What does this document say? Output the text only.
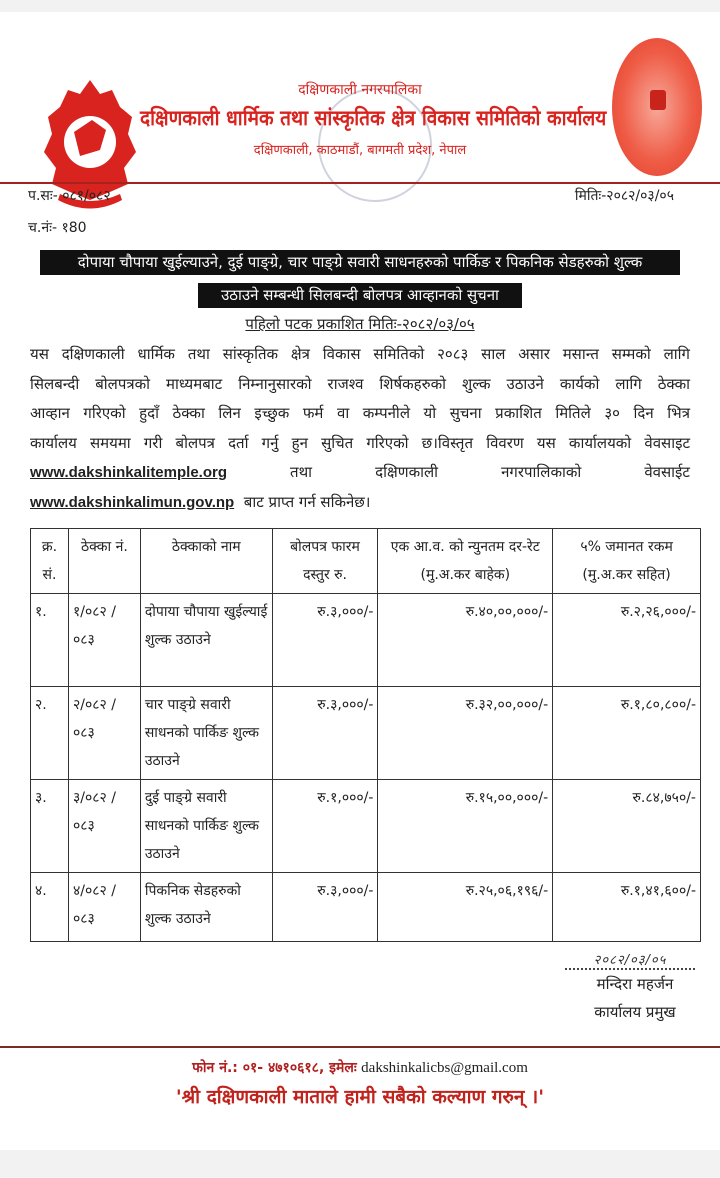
दक्षिणकाली नगरपालिका
दक्षिणकाली धार्मिक तथा सांस्कृतिक क्षेत्र विकास समितिको कार्यालय
दक्षिणकाली, काठमाडौं, बागमती प्रदेश, नेपाल
प.सः- ०८१/०८२	मितिः-२०८२/०३/०५
च.नंः- १80
दोपाया चौपाया खुईल्याउने, दुई पाङ्ग्रे, चार पाङ्ग्रे सवारी साधनहरुको पार्किङ र पिकनिक सेडहरुको शुल्क
उठाउने सम्बन्धी सिलबन्दी बोलपत्र आव्हानको सुचना
पहिलो पटक प्रकाशित मितिः-२०८२/०३/०५
यस दक्षिणकाली धार्मिक तथा सांस्कृतिक क्षेत्र विकास समितिको २०८३ साल असार मसान्त सम्मको लागि
सिलबन्दी बोलपत्रको माध्यमबाट निम्नानुसारको राजश्व शिर्षकहरुको शुल्क उठाउने कार्यको लागि ठेक्का
आव्हान गरिएको हुदाँ ठेक्का लिन इच्छुक फर्म वा कम्पनीले यो सुचना प्रकाशित मितिले ३० दिन भित्र
कार्यालय समयमा गरी बोलपत्र दर्ता गर्नु हुन सुचित गरिएको छ।विस्तृत विवरण यस कार्यालयको वेवसाइट
www.dakshinkalitemple.org	तथा	दक्षिणकाली	नगरपालिकाको	वेवसाईट
www.dakshinkalimun.gov.np बाट प्राप्त गर्न सकिनेछ।
क्र. सं.	ठेक्का नं.	ठेक्काको नाम	बोलपत्र फारम दस्तुर रु.	एक आ.व. को न्युनतम दर-रेट (मु.अ.कर बाहेक)	५% जमानत रकम (मु.अ.कर सहित)
१.	१/०८२ /०८३	दोपाया चौपाया खुईल्याई शुल्क उठाउने	रु.३,०००/-	रु.४०,००,०००/-	रु.२,२६,०००/-
२.	२/०८२ /०८३	चार पाङ्ग्रे सवारी साधनको पार्किङ शुल्क उठाउने	रु.३,०००/-	रु.३२,००,०००/-	रु.१,८०,८००/-
३.	३/०८२ /०८३	दुई पाङ्ग्रे सवारी साधनको पार्किङ शुल्क उठाउने	रु.१,०००/-	रु.१५,००,०००/-	रु.८४,७५०/-
४.	४/०८२ /०८३	पिकनिक सेडहरुको शुल्क उठाउने	रु.३,०००/-	रु.२५,०६,१९६/-	रु.१,४१,६००/-
२०८२/०३/०५
मन्दिरा महर्जन
कार्यालय प्रमुख
फोन नं.: ०१- ४७१०६१८, इमेलः dakshinkalicbs@gmail.com
'श्री दक्षिणकाली माताले हामी सबैको कल्याण गरुन् ।'
